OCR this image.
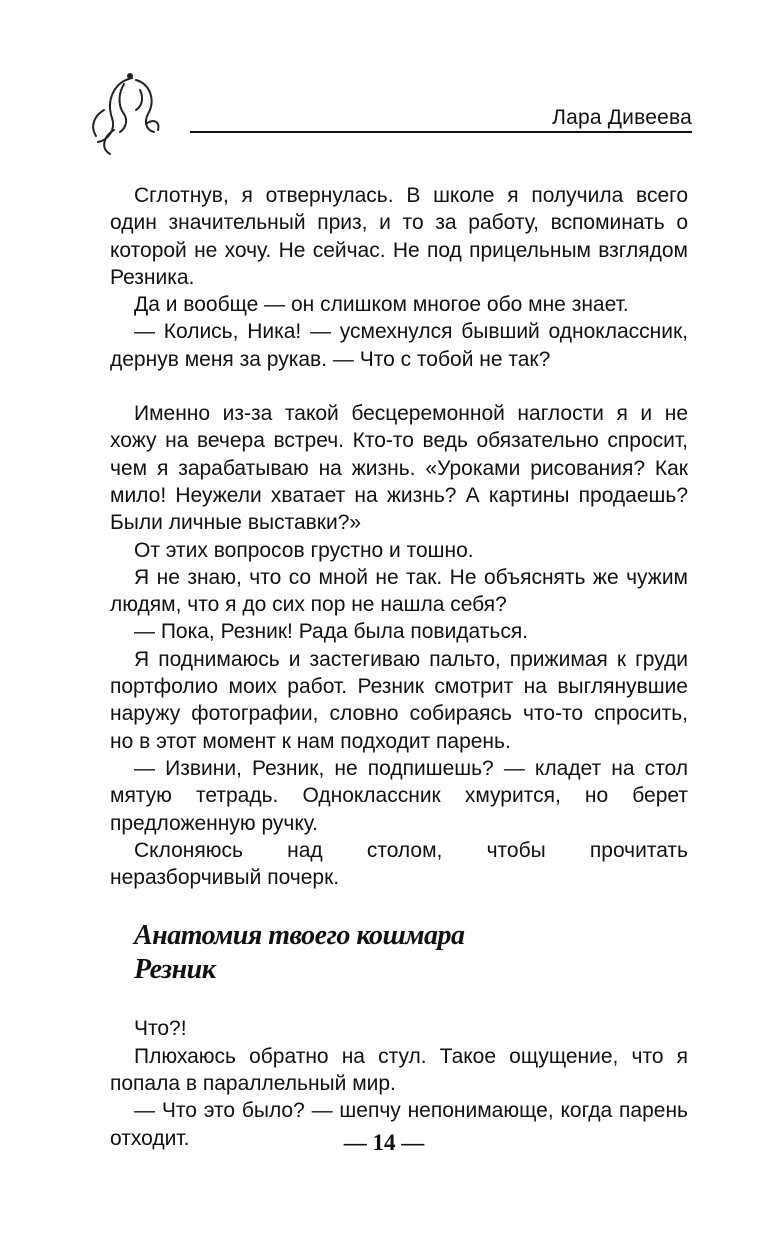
Лара Дивеева

Сглотнув, я отвернулась. В школе я получила всего один значительный приз, и то за работу, вспоминать о которой не хочу. Не сейчас. Не под прицельным взглядом Резника.

Да и вообще — он слишком многое обо мне знает.

— Колись, Ника! — усмехнулся бывший одноклассник, дернув меня за рукав. — Что с тобой не так?

Именно из-за такой бесцеремонной наглости я и не хожу на вечера встреч. Кто-то ведь обязательно спросит, чем я зарабатываю на жизнь. «Уроками рисования? Как мило! Неужели хватает на жизнь? А картины продаешь? Были личные выставки?»

От этих вопросов грустно и тошно.

Я не знаю, что со мной не так. Не объяснять же чужим людям, что я до сих пор не нашла себя?

— Пока, Резник! Рада была повидаться.

Я поднимаюсь и застегиваю пальто, прижимая к груди портфолио моих работ. Резник смотрит на выглянувшие наружу фотографии, словно собираясь что-то спросить, но в этот момент к нам подходит парень.

— Извини, Резник, не подпишешь? — кладет на стол мятую тетрадь. Одноклассник хмурится, но берет предложенную ручку.

Склоняюсь над столом, чтобы прочитать неразборчивый почерк.

Анатомия твоего кошмара
Резник

Что?!

Плюхаюсь обратно на стул. Такое ощущение, что я попала в параллельный мир.

— Что это было? — шепчу непонимающе, когда парень отходит.	— 14 —
